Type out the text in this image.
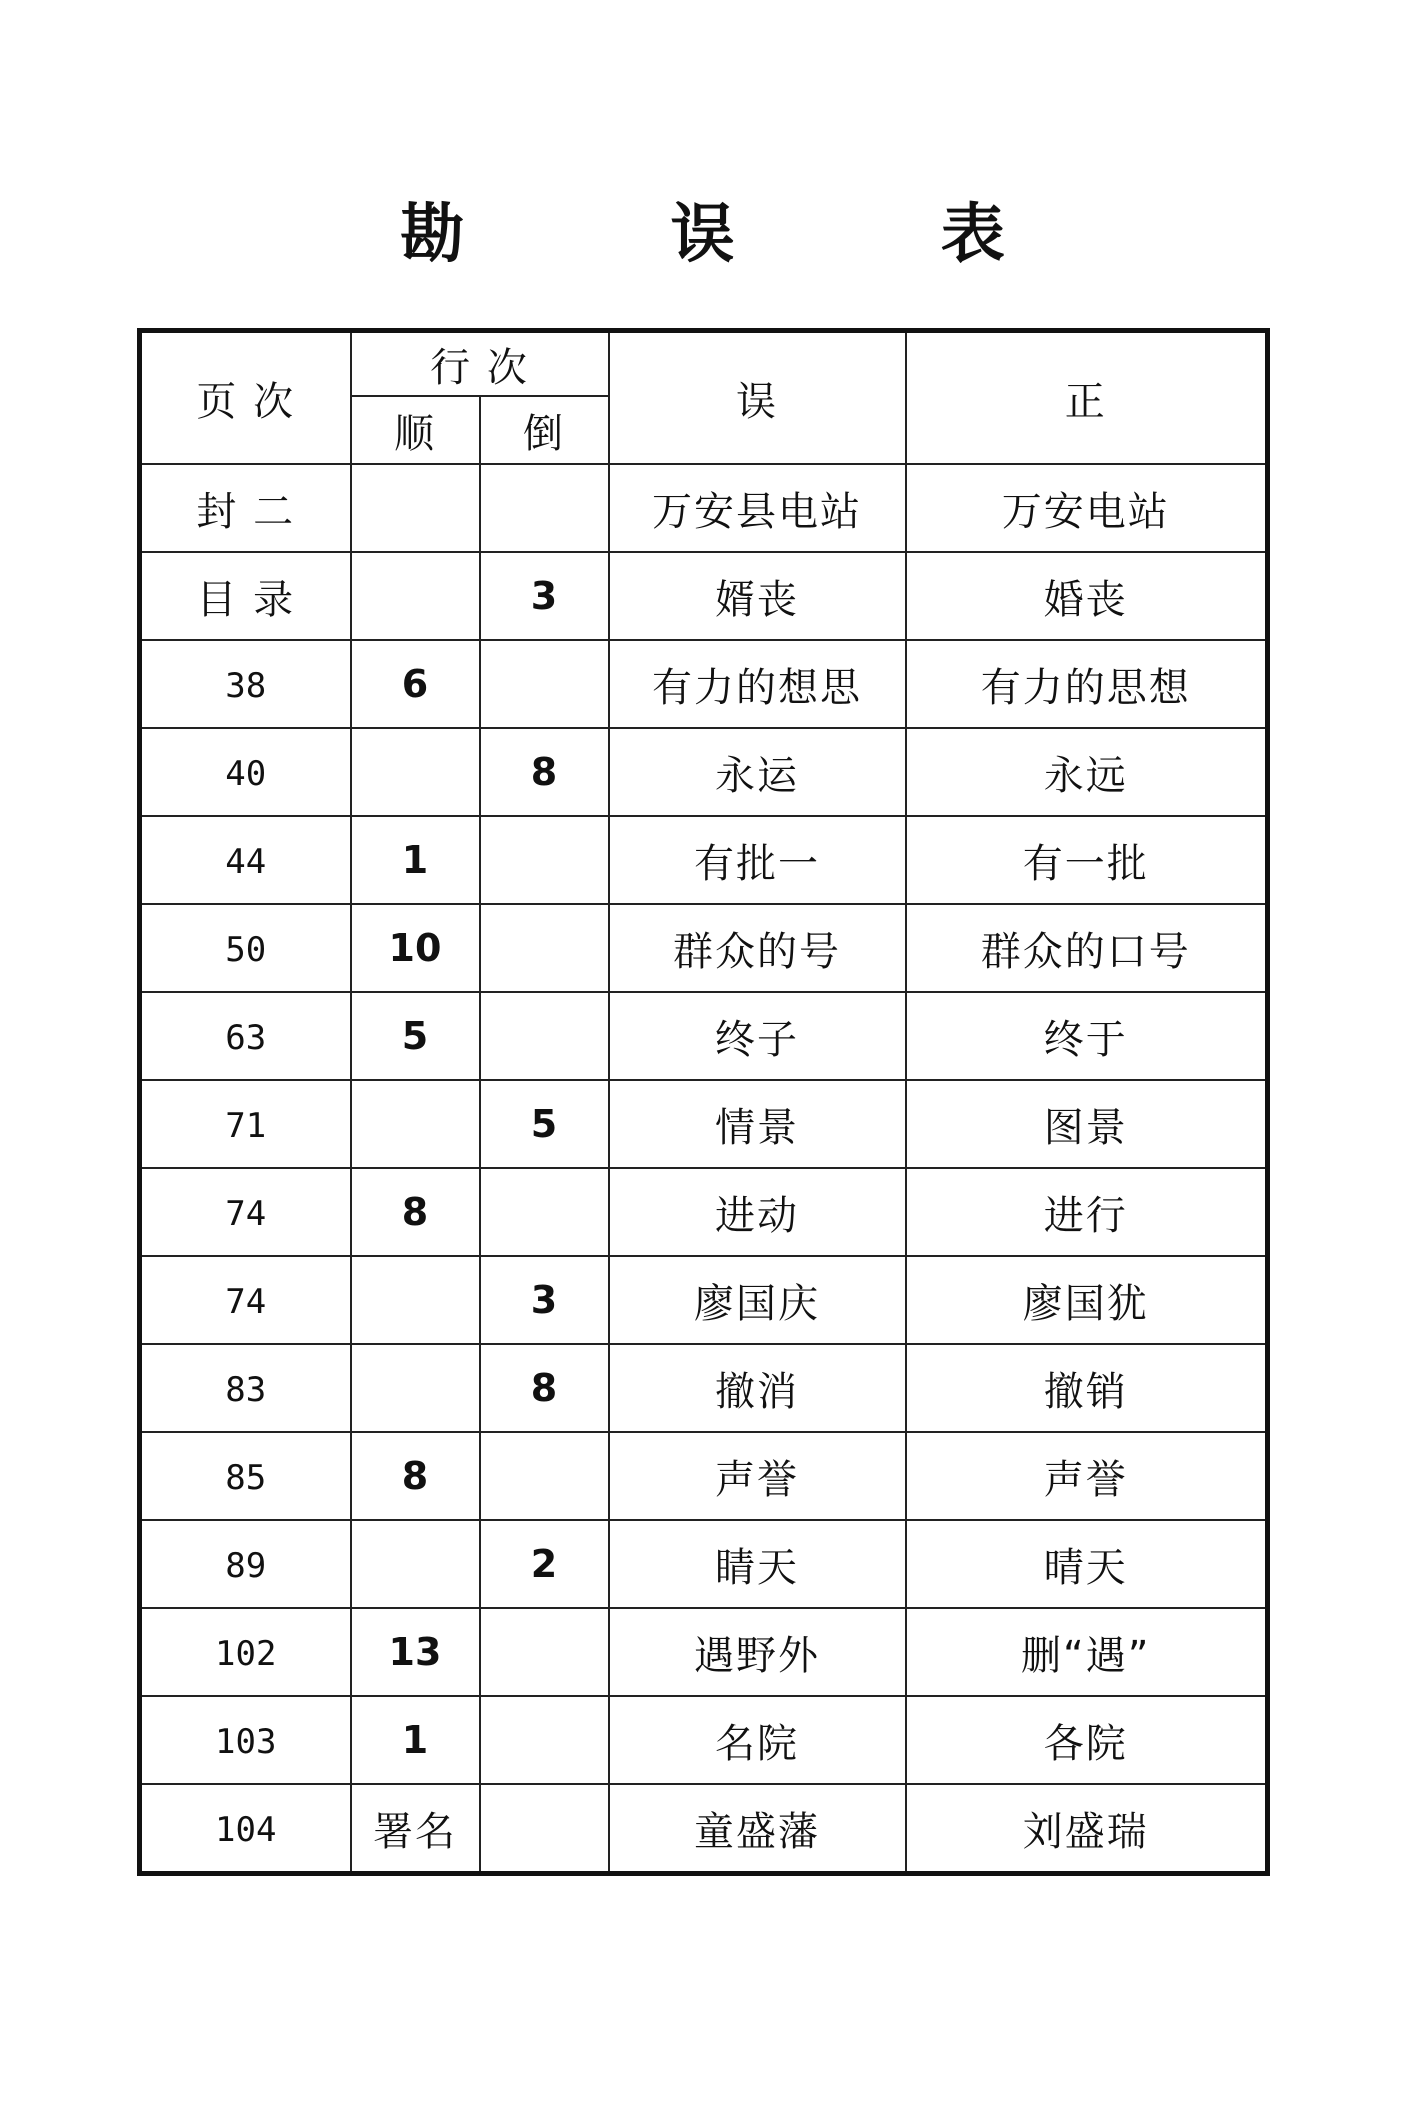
勘 误 表
页 次	行 次		误	正
	顺	倒		
封 二			万安县电站	万安电站
目 录		3	婿丧	婚丧
38	6		有力的想思	有力的思想
40		8	永运	永远
44	1		有批一	有一批
50	10		群众的号	群众的口号
63	5		终子	终于
71		5	情景	图景
74	8		进动	进行
74		3	廖国庆	廖国犹
83		8	撤消	撤销
85	8		声誉	声誉
89		2	睛天	晴天
102	13		遇野外	删“遇”
103	1		名院	各院
104	署名		童盛藩	刘盛瑞
